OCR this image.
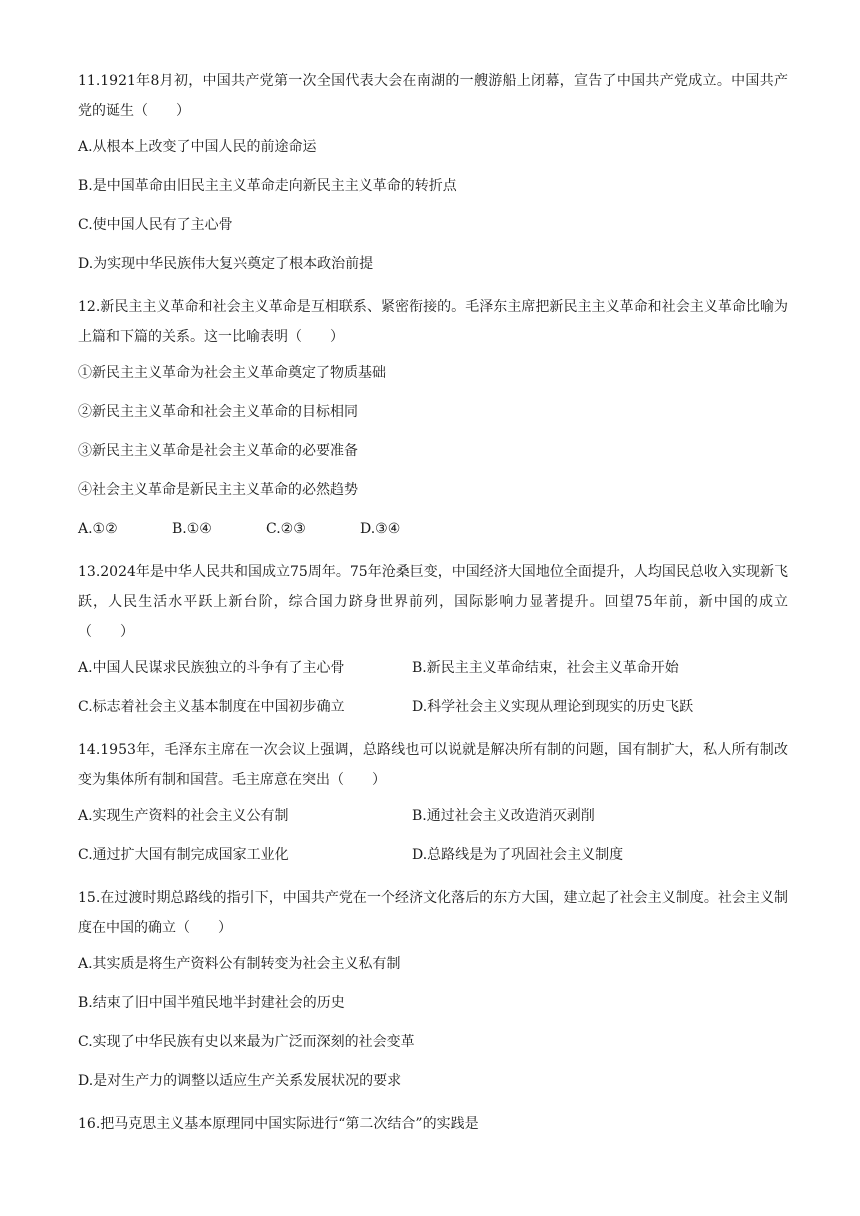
11.1921年8月初，中国共产党第一次全国代表大会在南湖的一艘游船上闭幕，宣告了中国共产党成立。中国共产党的诞生（　　）

A.从根本上改变了中国人民的前途命运

B.是中国革命由旧民主主义革命走向新民主主义革命的转折点

C.使中国人民有了主心骨

D.为实现中华民族伟大复兴奠定了根本政治前提

12.新民主主义革命和社会主义革命是互相联系、紧密衔接的。毛泽东主席把新民主主义革命和社会主义革命比喻为上篇和下篇的关系。这一比喻表明（　　）

①新民主主义革命为社会主义革命奠定了物质基础

②新民主主义革命和社会主义革命的目标相同

③新民主主义革命是社会主义革命的必要准备

④社会主义革命是新民主主义革命的必然趋势

A.①②	B.①④	C.②③	D.③④

13.2024年是中华人民共和国成立75周年。75年沧桑巨变，中国经济大国地位全面提升，人均国民总收入实现新飞跃，人民生活水平跃上新台阶，综合国力跻身世界前列，国际影响力显著提升。回望75年前，新中国的成立（　　）

A.中国人民谋求民族独立的斗争有了主心骨	B.新民主主义革命结束，社会主义革命开始
C.标志着社会主义基本制度在中国初步确立	D.科学社会主义实现从理论到现实的历史飞跃

14.1953年，毛泽东主席在一次会议上强调，总路线也可以说就是解决所有制的问题，国有制扩大，私人所有制改变为集体所有制和国营。毛主席意在突出（　　）

A.实现生产资料的社会主义公有制	B.通过社会主义改造消灭剥削
C.通过扩大国有制完成国家工业化	D.总路线是为了巩固社会主义制度

15.在过渡时期总路线的指引下，中国共产党在一个经济文化落后的东方大国，建立起了社会主义制度。社会主义制度在中国的确立（　　）

A.其实质是将生产资料公有制转变为社会主义私有制

B.结束了旧中国半殖民地半封建社会的历史

C.实现了中华民族有史以来最为广泛而深刻的社会变革

D.是对生产力的调整以适应生产关系发展状况的要求

16.把马克思主义基本原理同中国实际进行“第二次结合”的实践是
